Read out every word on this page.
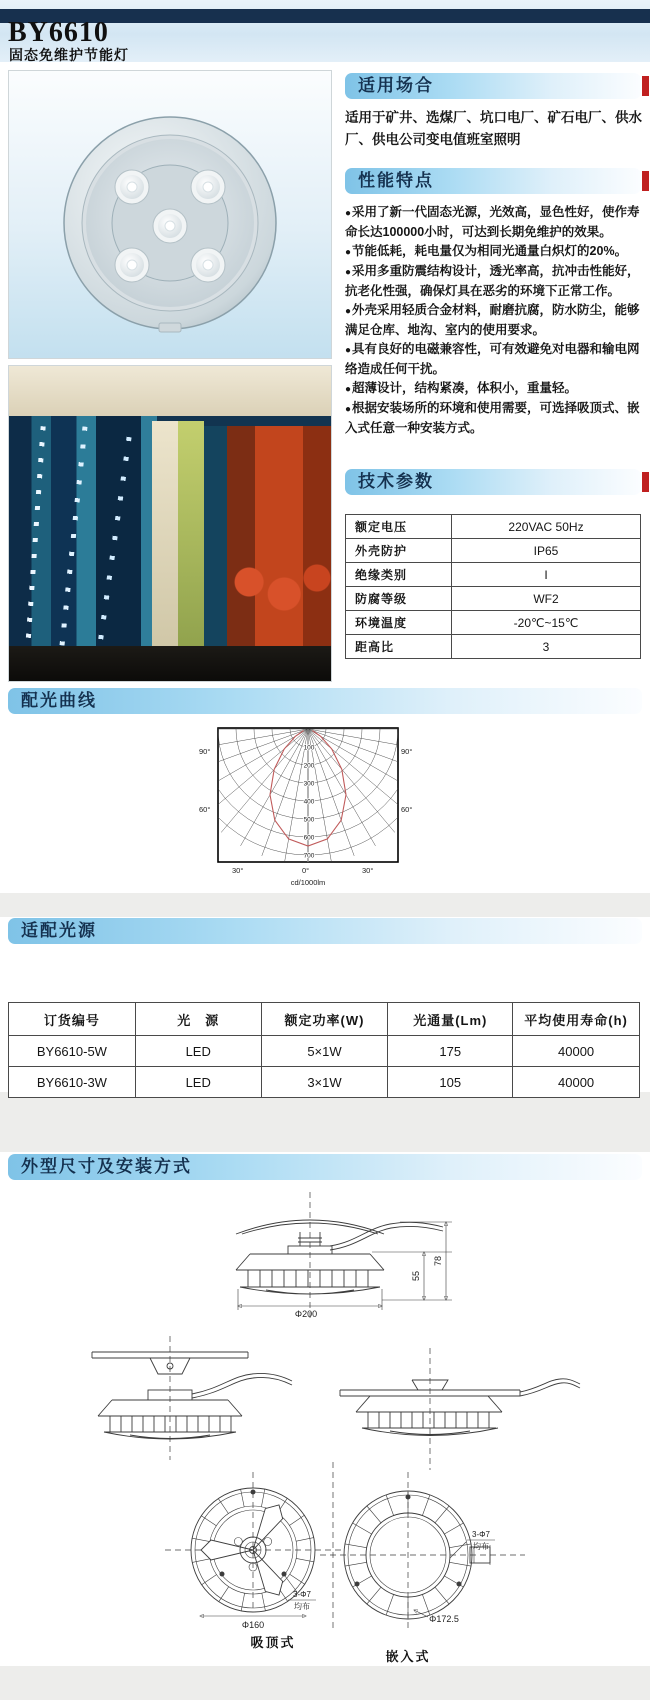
BY6610
固态免维护节能灯
适用场合
适用于矿井、选煤厂、坑口电厂、矿石电厂、供水厂、供电公司变电值班室照明
性能特点
● 采用了新一代固态光源，光效高，显色性好，使作寿命长达100000小时，可达到长期免维护的效果。
● 节能低耗，耗电量仅为相同光通量白炽灯的20%。
● 采用多重防震结构设计，透光率高，抗冲击性能好，抗老化性强，确保灯具在恶劣的环境下正常工作。
● 外壳采用轻质合金材料，耐磨抗腐，防水防尘，能够满足仓库、地沟、室内的使用要求。
● 具有良好的电磁兼容性，可有效避免对电器和输电网络造成任何干扰。
● 超薄设计，结构紧凑，体积小，重量轻。
● 根据安装场所的环境和使用需要，可选择吸顶式、嵌入式任意一种安装方式。
技术参数
额定电压	220VAC 50Hz
外壳防护	IP65
绝缘类别	I
防腐等级	WF2
环境温度	-20℃~15℃
距高比	3
配光曲线
100
200
300
400
500
600
700
90°
60°
90°
60°
30°	0°	30°
cd/1000lm
适配光源
订货编号	光　源	额定功率(W)	光通量(Lm)	平均使用寿命(h)
BY6610-5W	LED	5×1W	175	40000
BY6610-3W	LED	3×1W	105	40000
外型尺寸及安装方式
55
78
Φ200
3-Φ7
均布
Φ160
3-Φ7
均布
Φ172.5
吸顶式
嵌入式
